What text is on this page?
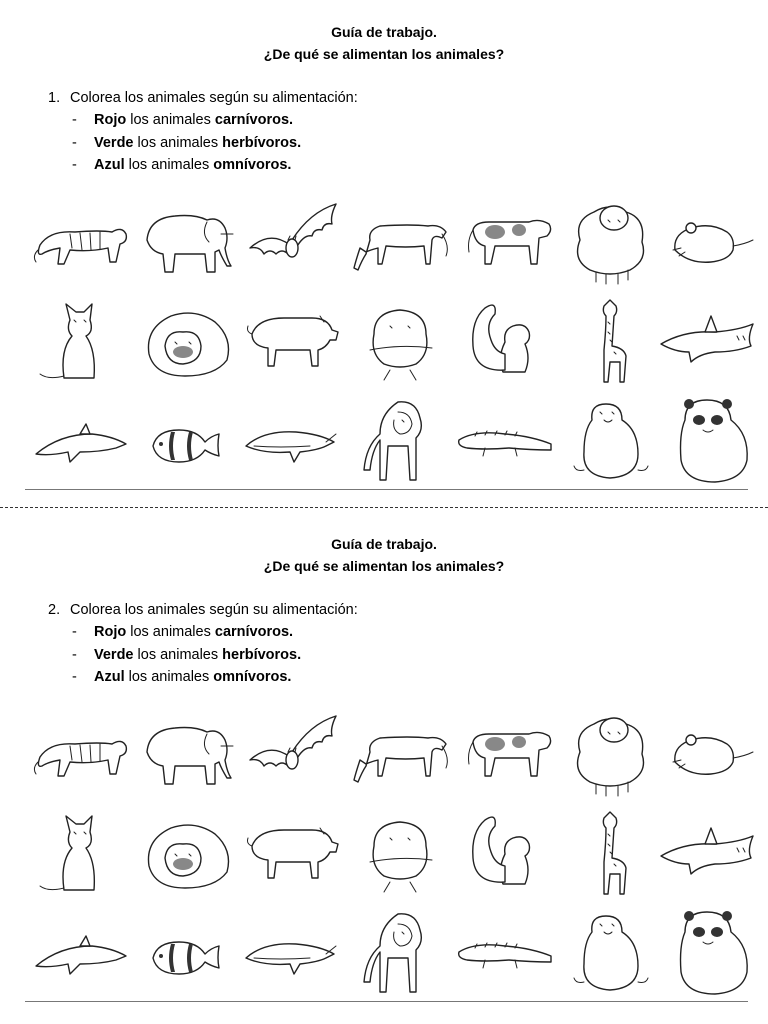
Guía de trabajo.
¿De qué se alimentan los animales?
1. Colorea los animales según su alimentación:
- Rojo los animales carnívoros.
- Verde los animales herbívoros.
- Azul los animales omnívoros.
Guía de trabajo.
¿De qué se alimentan los animales?
2. Colorea los animales según su alimentación:
- Rojo los animales carnívoros.
- Verde los animales herbívoros.
- Azul los animales omnívoros.
